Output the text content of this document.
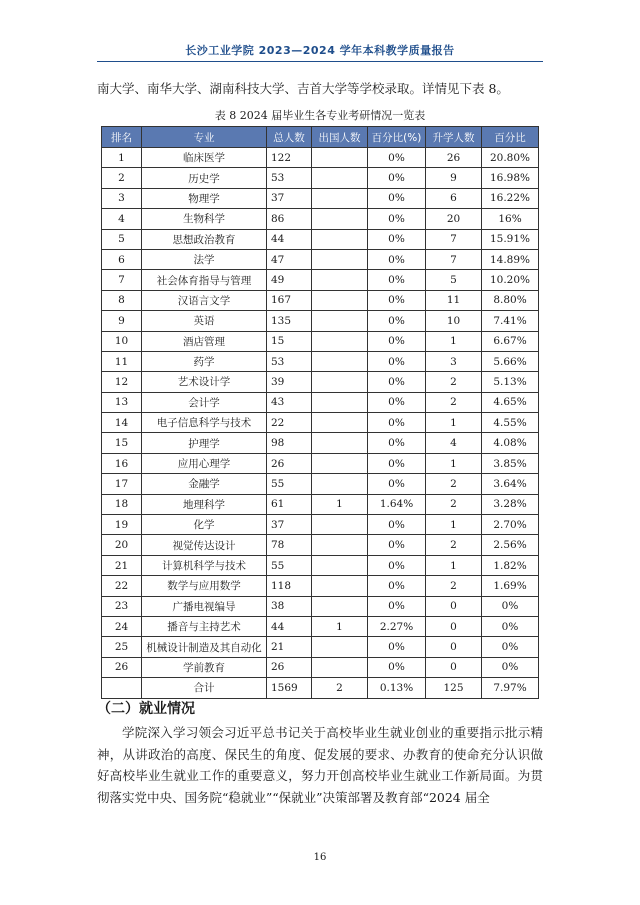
长沙工业学院 2023—2024 学年本科教学质量报告
南大学、南华大学、湖南科技大学、吉首大学等学校录取。详情见下表 8。
表 8 2024 届毕业生各专业考研情况一览表
排名	专业	总人数	出国人数	百分比(%)	升学人数	百分比
1	临床医学	122		0%	26	20.80%
2	历史学	53		0%	9	16.98%
3	物理学	37		0%	6	16.22%
4	生物科学	86		0%	20	16%
5	思想政治教育	44		0%	7	15.91%
6	法学	47		0%	7	14.89%
7	社会体育指导与管理	49		0%	5	10.20%
8	汉语言文学	167		0%	11	8.80%
9	英语	135		0%	10	7.41%
10	酒店管理	15		0%	1	6.67%
11	药学	53		0%	3	5.66%
12	艺术设计学	39		0%	2	5.13%
13	会计学	43		0%	2	4.65%
14	电子信息科学与技术	22		0%	1	4.55%
15	护理学	98		0%	4	4.08%
16	应用心理学	26		0%	1	3.85%
17	金融学	55		0%	2	3.64%
18	地理科学	61	1	1.64%	2	3.28%
19	化学	37		0%	1	2.70%
20	视觉传达设计	78		0%	2	2.56%
21	计算机科学与技术	55		0%	1	1.82%
22	数学与应用数学	118		0%	2	1.69%
23	广播电视编导	38		0%	0	0%
24	播音与主持艺术	44	1	2.27%	0	0%
25	机械设计制造及其自动化	21		0%	0	0%
26	学前教育	26		0%	0	0%
	合计	1569	2	0.13%	125	7.97%
（二）就业情况
学院深入学习领会习近平总书记关于高校毕业生就业创业的重要指示批示精神，从讲政治的高度、保民生的角度、促发展的要求、办教育的使命充分认识做好高校毕业生就业工作的重要意义，努力开创高校毕业生就业工作新局面。为贯彻落实党中央、国务院“稳就业”“保就业”决策部署及教育部“2024 届全
16
